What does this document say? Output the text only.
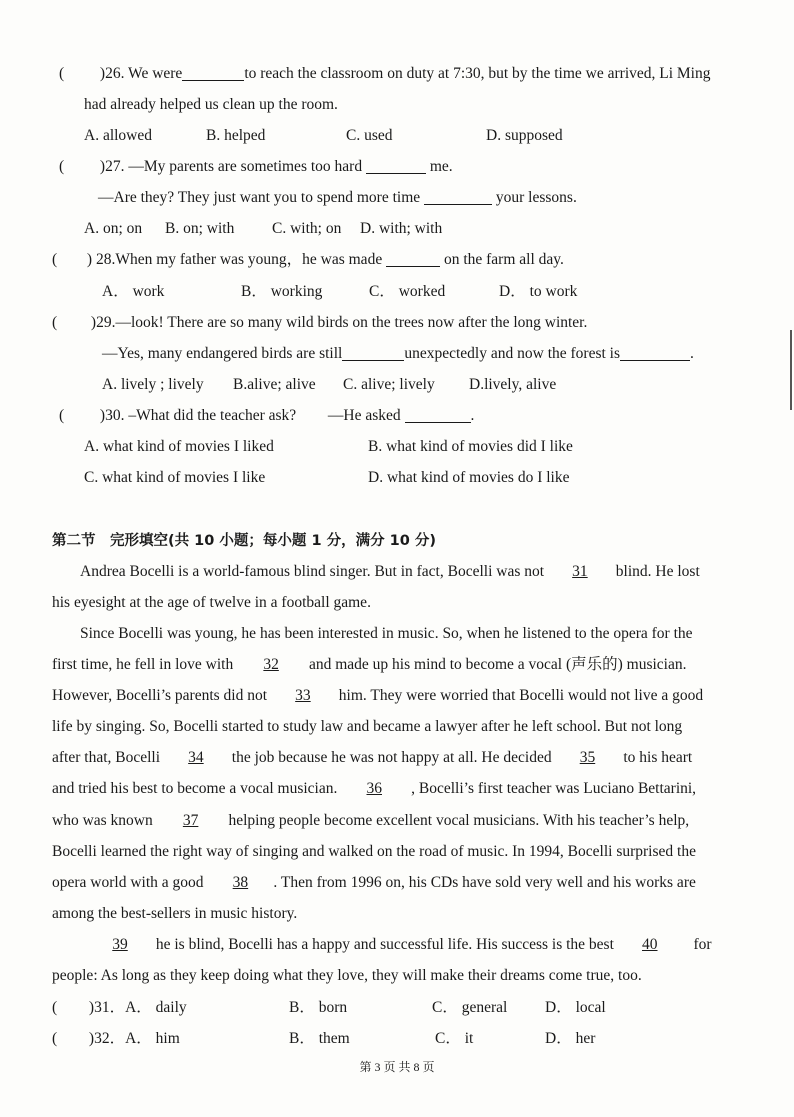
( )26. We were	to reach the classroom on duty at 7:30, but by the time we arrived, Li Ming
had already helped us clean up the room.
A. allowed	B. helped	C. used	D. supposed
( )27. —My parents are sometimes too hard	me.
—Are they? They just want you to spend more time	your lessons.
A. on; on B. on; with C. with; on D. with; with
( ) 28.When my father was young，he was made	on the farm all day.
A． work	B． working	C． worked	D． to work
( )29.—look! There are so many wild birds on the trees now after the long winter.
—Yes, many endangered birds are still	unexpectedly and now the forest is	.
A. lively ; lively B.alive; alive C. alive; lively D.lively, alive
( )30. –What did the teacher ask? —He asked	.
A. what kind of movies I liked	B. what kind of movies did I like
C. what kind of movies I like	D. what kind of movies do I like
第二节　完形填空(共 10 小题；每小题 1 分，满分 10 分)
Andrea Bocelli is a world-famous blind singer. But in fact, Bocelli was not 31 blind. He lost
his eyesight at the age of twelve in a football game.
Since Bocelli was young, he has been interested in music. So, when he listened to the opera for the
first time, he fell in love with 32 and made up his mind to become a vocal (声乐的) musician.
However, Bocelli’s parents did not 33 him. They were worried that Bocelli would not live a good
life by singing. So, Bocelli started to study law and became a lawyer after he left school. But not long
after that, Bocelli 34 the job because he was not happy at all. He decided 35 to his heart
and tried his best to become a vocal musician. 36 , Bocelli’s first teacher was Luciano Bettarini,
who was known 37 helping people become excellent vocal musicians. With his teacher’s help,
Bocelli learned the right way of singing and walked on the road of music. In 1994, Bocelli surprised the
opera world with a good 38 . Then from 1996 on, his CDs have sold very well and his works are
among the best-sellers in music history.
39 he is blind, Bocelli has a happy and successful life. His success is the best 40 for
people: As long as they keep doing what they love, they will make their dreams come true, too.
( )31．A． daily	B． born	C． general D． local
( )32．A． him	B． them	C． it	D． her
第 3 页 共 8 页
